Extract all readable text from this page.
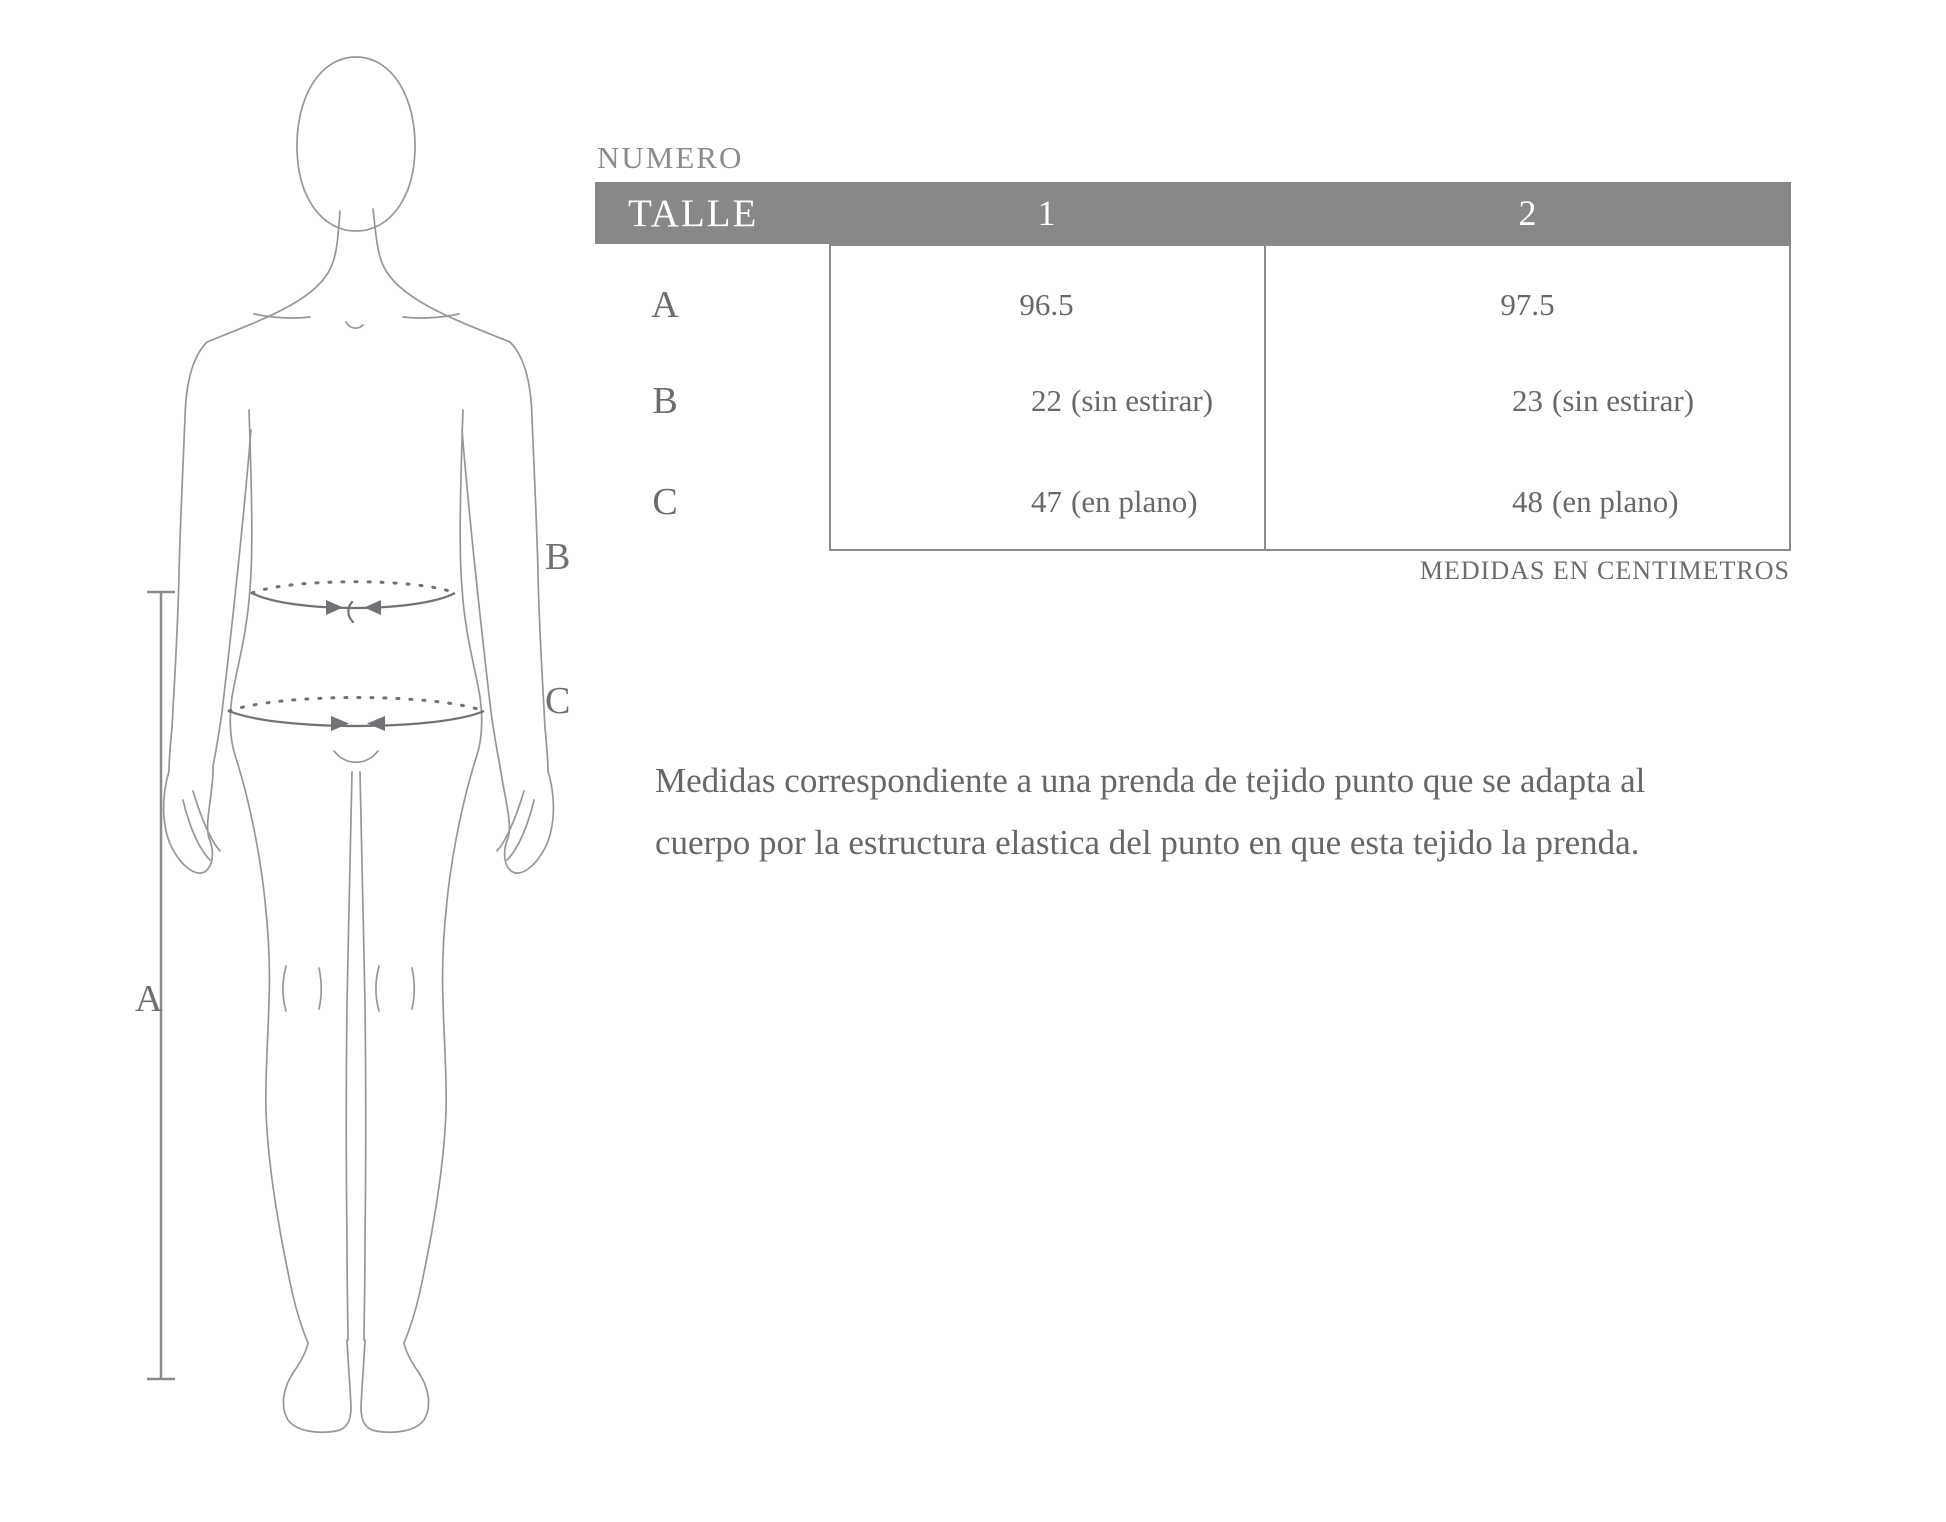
A
B
C
NUMERO
TALLE	1	2
A	96.5	97.5
B	22 (sin estirar)	23 (sin estirar)
C	47 (en plano)	48 (en plano)
MEDIDAS EN CENTIMETROS
Medidas correspondiente a una prenda de tejido punto que se adapta al
cuerpo por la estructura elastica del punto en que esta tejido la prenda.
